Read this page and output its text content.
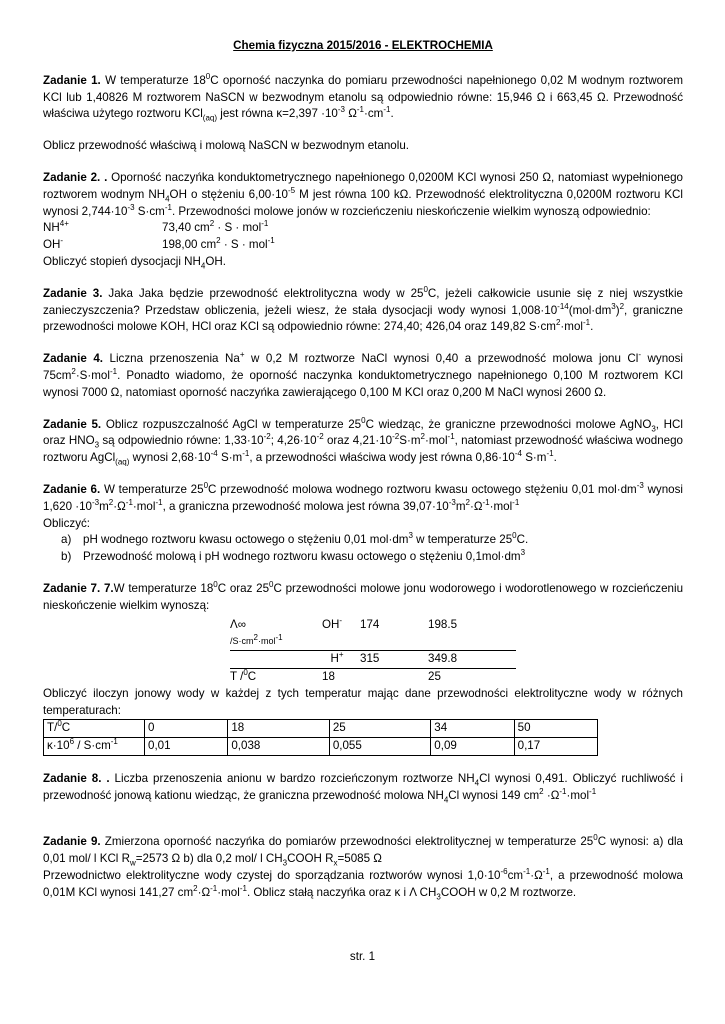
Chemia fizyczna 2015/2016 - ELEKTROCHEMIA

Zadanie 1. W temperaturze $18^0C$ oporność naczynka do pomiaru przewodności napełnionego 0,02 M wodnym roztworem KCl lub 1,40826 M roztworem NaSCN w bezwodnym etanolu są odpowiednio równe: 15,946 Ω i 663,45 Ω. Przewodność właściwa użytego roztworu KCl$_{(aq)}$ jest równa $\kappa=2,397 \cdot 10^{-3}$ $\Omega^{-1}\cdot cm^{-1}$.

Oblicz przewodność właściwą i molową NaSCN w bezwodnym etanolu.

Zadanie 2. . Oporność naczyńka konduktometrycznego napełnionego 0,0200M KCl wynosi 250 Ω, natomiast wypełnionego roztworem wodnym $NH_4OH$ o stężeniu $6,00\cdot 10^{-5}$ M jest równa 100 kΩ. Przewodność elektrolityczna 0,0200M roztworu KCl wynosi $2,744\cdot 10^{-3}$ $S\cdot cm^{-1}$. Przewodności molowe jonów w rozcieńczeniu nieskończenie wielkim wynoszą odpowiednio:

$NH^{4+}$	73,40 $cm^2 \cdot S \cdot mol^{-1}$
OH-	198,00 $cm^2 \cdot S \cdot mol^{-1}$

Obliczyć stopień dysocjacji $NH_4OH$.

Zadanie 3. Jaka Jaka będzie przewodność elektrolityczna wody w $25^0C$, jeżeli całkowicie usunie się z niej wszystkie zanieczyszczenia? Przedstaw obliczenia, jeżeli wiesz, że stała dysocjacji wody wynosi $1,008\cdot 10^{-14}(mol\cdot dm^3)^2$, graniczne przewodności molowe KOH, HCl oraz KCl są odpowiednio równe: 274,40; 426,04 oraz 149,82 $S\cdot cm^2\cdot mol^{-1}$.

Zadanie 4. Liczna przenoszenia Na+ w 0,2 M roztworze NaCl wynosi 0,40 a przewodność molowa jonu Cl- wynosi $75cm^2\cdot S\cdot mol^{-1}$. Ponadto wiadomo, że oporność naczynka konduktometrycznego napełnionego 0,100 M roztworem KCl wynosi 7000 Ω, natomiast oporność naczyńka zawierającego 0,100 M KCl oraz 0,200 M NaCl wynosi 2600 Ω.

Zadanie 5. Oblicz rozpuszczalność AgCl w temperaturze $25^0C$ wiedząc, że graniczne przewodności molowe AgNO$_3$, HCl oraz $HNO_3$ są odpowiednio równe: $1,33\cdot 10^{-2}$; $4,26\cdot 10^{-2}$ oraz $4,21\cdot 10^{-2}S\cdot m^2\cdot mol^{-1}$, natomiast przewodność właściwa wodnego roztworu AgCl$_{(aq)}$ wynosi $2,68\cdot 10^{-4}$ $S\cdot m^{-1}$, a przewodności właściwa wody jest równa $0,86\cdot 10^{-4}$ $S\cdot m^{-1}$.

Zadanie 6. W temperaturze $25^0C$ przewodność molowa wodnego roztworu kwasu octowego stężeniu 0,01 $mol\cdot dm^{-3}$ wynosi $1,620 \cdot 10^{-3}m^2\cdot\Omega^{-1}\cdot mol^{-1}$, a graniczna przewodność molowa jest równa $39,07\cdot 10^{-3}m^2\cdot\Omega^{-1}\cdot mol^{-1}$

Obliczyć:

a) pH wodnego roztworu kwasu octowego o stężeniu 0,01 $mol\cdot dm^3$ w temperaturze $25^0C$.
b) Przewodność molową i pH wodnego roztworu kwasu octowego o stężeniu $0,1mol\cdot dm^3$

Zadanie 7. 7.W temperaturze $18^0C$ oraz $25^0C$ przewodności molowe jonu wodorowego i wodorotlenowego w rozcieńczeniu nieskończenie wielkim wynoszą:

Λ∞
$/S\cdot cm^2\cdot mol^{-1}$	OH-	174	198.5
	H+	315	349.8
T /$^0$C	18		25

Obliczyć iloczyn jonowy wody w każdej z tych temperatur mając dane przewodności elektrolityczne wody w różnych temperaturach:

T/$^0$C	0	18	25	34	50
$\kappa\cdot 10^6 / S\cdot cm^{-1}$	0,01	0,038	0,055	0,09	0,17

Zadanie 8. . Liczba przenoszenia anionu w bardzo rozcieńczonym roztworze $NH_4Cl$ wynosi 0,491. Obliczyć ruchliwość i przewodność jonową kationu wiedząc, że graniczna przewodność molowa $NH_4Cl$ wynosi 149 $cm^2 \cdot\Omega^{-1}\cdot mol^{-1}$

Zadanie 9. Zmierzona oporność naczyńka do pomiarów przewodności elektrolitycznej w temperaturze $25^0C$ wynosi: a) dla 0,01 mol/ l KCl $R_w=2573$ Ω b) dla 0,2 mol/ l $CH_3COOH$ $R_x=5085$ Ω

Przewodnictwo elektrolityczne wody czystej do sporządzania roztworów wynosi $1,0\cdot 10^{-6}cm^{-1}\cdot\Omega^{-1}$, a przewodność molowa 0,01M KCl wynosi 141,27 $cm^2\cdot\Omega^{-1}\cdot mol^{-1}$. Oblicz stałą naczyńka oraz κ i Λ $CH_3COOH$ w 0,2 M roztworze.

str. 1
